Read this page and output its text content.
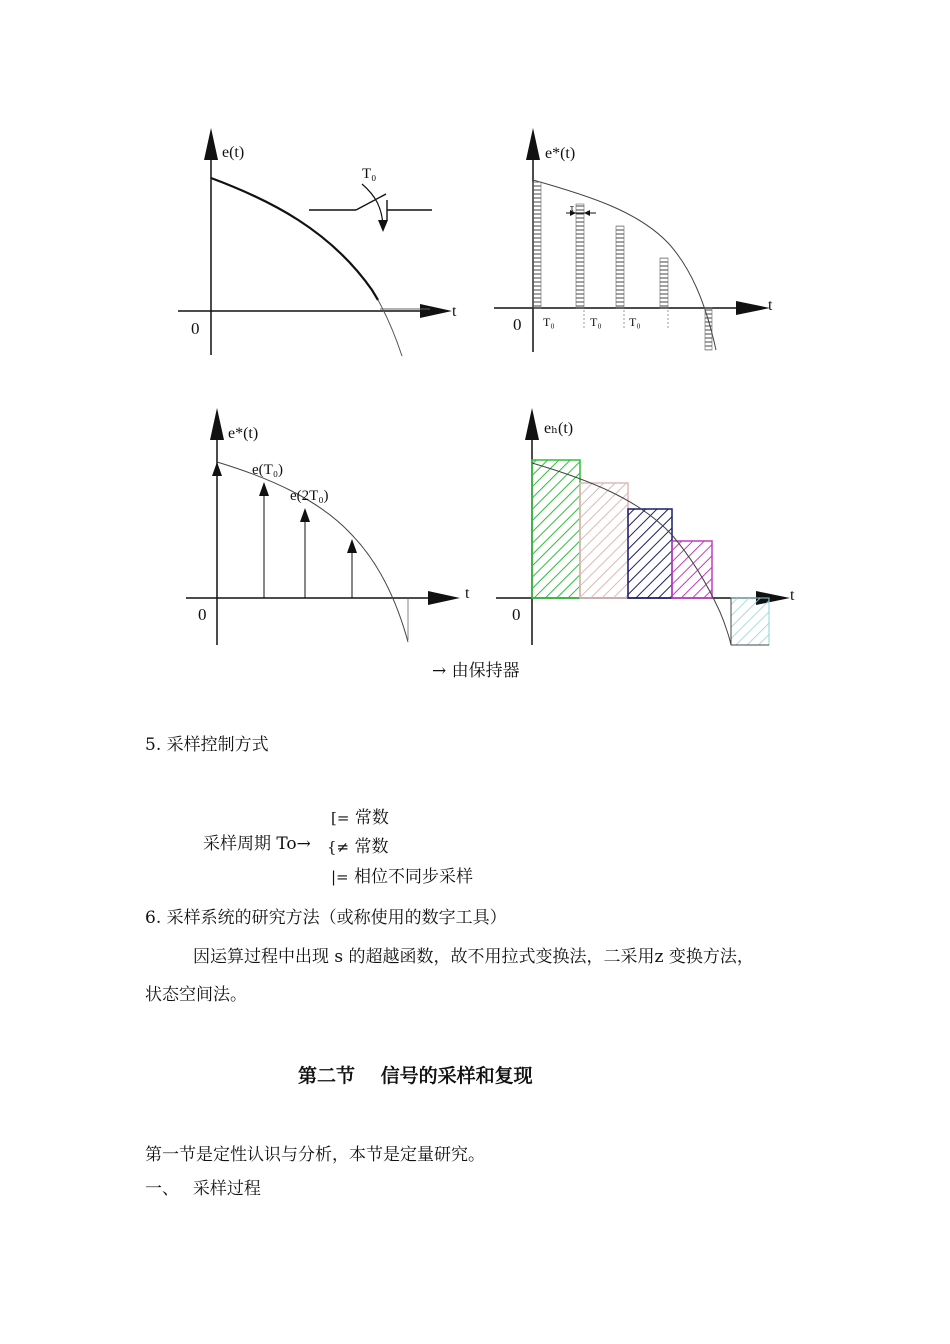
e(t)
t
0
T₀
τ
e*(t)
t
0 T₀	T₀ T₀
e*(t)
t
0
e(T₀)
e(2T₀)
eₕ(t)
t
0
→ 由保持器
5. 采样控制方式
采样周期 To→
[= 常数
{≠ 常数
|= 相位不同步采样
6. 采样系统的研究方法（或称使用的数字工具）
因运算过程中出现 s 的超越函数，故不用拉式变换法，二采用z 变换方法，
状态空间法。
第二节　 信号的采样和复现
第一节是定性认识与分析，本节是定量研究。
一、　 采样过程
